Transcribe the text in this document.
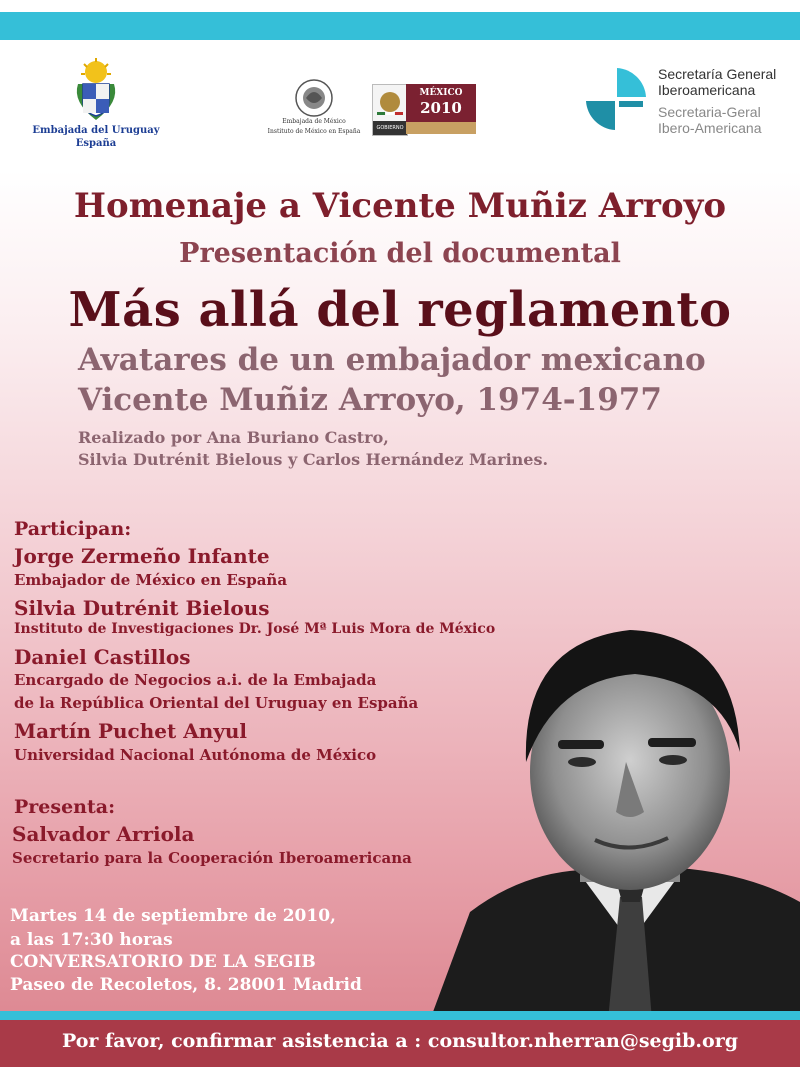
Embajada del Uruguay
España
Embajada de México
Instituto de México en España	GOBIERNO FEDERAL
MÉXICO
2010
Secretaría General
Iberoamericana
Secretaria-Geral
Ibero-Americana
Homenaje a Vicente Muñiz Arroyo
Presentación del documental
Más allá del reglamento
Avatares de un embajador mexicano
Vicente Muñiz Arroyo, 1974-1977
Realizado por Ana Buriano Castro,
Silvia Dutrénit Bielous y Carlos Hernández Marines.
Participan:
Jorge Zermeño Infante
Embajador de México en España
Silvia Dutrénit Bielous
Instituto de Investigaciones Dr. José Mª Luis Mora de México
Daniel Castillos
Encargado de Negocios a.i. de la Embajada
de la República Oriental del Uruguay en España
Martín Puchet Anyul
Universidad Nacional Autónoma de México
Presenta:
Salvador Arriola
Secretario para la Cooperación Iberoamericana
Martes 14 de septiembre de 2010,
a las 17:30 horas
CONVERSATORIO DE LA SEGIB
Paseo de Recoletos, 8. 28001 Madrid
Por favor, confirmar asistencia a : consultor.nherran@segib.org
